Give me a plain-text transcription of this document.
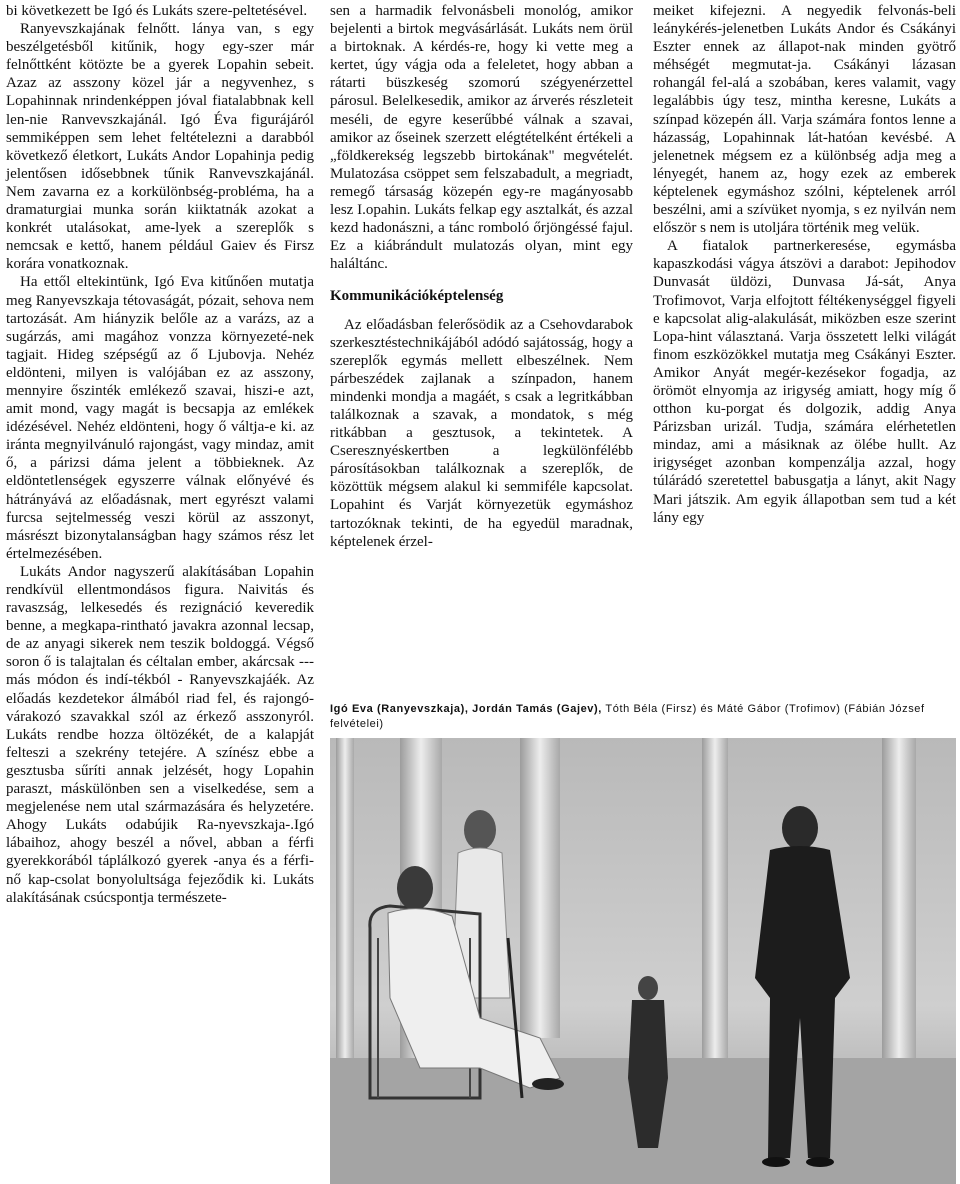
bi következett be Igó és Lukáts szere-peltetésével.

Ranyevszkajának felnőtt. lánya van, s egy beszélgetésből kitűnik, hogy egy-szer már felnőttként kötözte be a gyerek Lopahin sebeit. Azaz az asszony közel jár a negyvenhez, s Lopahinnak nrindenképpen jóval fiatalabbnak kell len-nie Ranvevszkajánál. Igó Éva figurájáról semmiképpen sem lehet feltételezni a darabból következő életkort, Lukáts Andor Lopahinja pedig jelentősen idősebbnek tűnik Ranvevszkajánál. Nem zavarna ez a korkülönbség-probléma, ha a dramaturgiai munka során kiiktatnák azokat a konkrét utalásokat, ame-lyek a szereplők s nemcsak e kettő, hanem például Gaiev és Firsz korára vonatkoznak.

Ha ettől eltekintünk, Igó Eva kitűnően mutatja meg Ranyevszkaja tétovaságát, pózait, sehova nem tartozását. Am hiányzik belőle az a varázs, az a sugárzás, ami magához vonzza környezeté-nek tagjait. Hideg szépségű az ő Ljubovja. Nehéz eldönteni, milyen is valójában ez az asszony, mennyire őszinték emlékező szavai, hiszi-e azt, amit mond, vagy magát is becsapja az emlékek idézésével. Nehéz eldönteni, hogy ő váltja-e ki. az iránta megnyilvánuló rajongást, vagy mindaz, amit ő, a párizsi dáma jelent a többieknek. Az eldöntetlenségek egyszerre válnak előnyévé és hátrányává az előadásnak, mert egyrészt valami furcsa sejtelmesség veszi körül az asszonyt, másrészt bizonytalanságban hagy számos rész let értelmezésében.

Lukáts Andor nagyszerű alakításában Lopahin rendkívül ellentmondásos figura. Naivitás és ravaszság, lelkesedés és rezignáció keveredik benne, a megkapa-rintható javakra azonnal lecsap, de az anyagi sikerek nem teszik boldoggá. Végső soron ő is talajtalan és céltalan ember, akárcsak --- más módon és indí-tékból - Ranyevszkajáék. Az előadás kezdetekor álmából riad fel, és rajongó-várakozó szavakkal szól az érkező asszonyról. Lukáts rendbe hozza öltözékét, de a kalapját felteszi a szekrény tetejére. A színész ebbe a gesztusba sűríti annak jelzését, hogy Lopahin paraszt, máskülönben sen a viselkedése, sem a megjelenése nem utal származására és helyzetére. Ahogy Lukáts odabújik Ra-nyevszkaja-.Igó lábaihoz, ahogy beszél a nővel, abban a férfi gyerekkorából táplálkozó gyerek -anya és a férfi-nő kap-csolat bonyolultsága fejeződik ki. Lukáts alakításának csúcspontja természete-

sen a harmadik felvonásbeli monológ, amikor bejelenti a birtok megvásárlását. Lukáts nem örül a birtoknak. A kérdés-re, hogy ki vette meg a kertet, úgy vágja oda a feleletet, hogy abban a rátarti büszkeség szomorú szégyenérzettel párosul. Belelkesedik, amikor az árverés részleteit meséli, de egyre keserűbbé válnak a szavai, amikor az őseinek szerzett elégtételként értékeli a „földkerekség legszebb birtokának" megvételét. Mulatozása csöppet sem felszabadult, a megriadt, remegő társaság közepén egy-re magányosabb lesz I.opahin. Lukáts felkap egy asztalkát, és azzal kezd hadonászni, a tánc romboló őrjöngéssé fajul. Ez a kiábrándult mulatozás olyan, mint egy haláltánc.

Kommunikációképtelenség

Az előadásban felerősödik az a Csehovdarabok szerkesztéstechnikájából adódó sajátosság, hogy a szereplők egymás mellett elbeszélnek. Nem párbeszédek zajlanak a színpadon, hanem mindenki mondja a magáét, s csak a legritkábban találkoznak a szavak, a mondatok, s még ritkábban a gesztusok, a tekintetek. A Cseresznyéskertben a legkülönfélébb párosításokban találkoznak a szereplők, de közöttük mégsem alakul ki semmiféle kapcsolat. Lopahint és Varját környezetük egymáshoz tartozóknak tekinti, de ha egyedül maradnak, képtelenek érzel-

meiket kifejezni. A negyedik felvonás-beli leánykérés-jelenetben Lukáts Andor és Csákányi Eszter ennek az állapot-nak minden gyötrő méhségét megmutat-ja. Csákányi lázasan rohangál fel-alá a szobában, keres valamit, vagy legalábbis úgy tesz, mintha keresne, Lukáts a színpad közepén áll. Varja számára fontos lenne a házasság, Lopahinnak lát-hatóan kevésbé. A jelenetnek mégsem ez a különbség adja meg a lényegét, hanem az, hogy ezek az emberek képtelenek egymáshoz szólni, képtelenek arról beszélni, ami a szívüket nyomja, s ez nyilván nem először s nem is utoljára történik meg velük.

A fiatalok partnerkeresése, egymásba kapaszkodási vágya átszövi a darabot: Jepihodov Dunvasát üldözi, Dunvasa Já-sát, Anya Trofimovot, Varja elfojtott féltékenységgel figyeli e kapcsolat alig-alakulását, miközben esze szerint Lopa-hint választaná. Varja összetett lelki világát finom eszközökkel mutatja meg Csákányi Eszter. Amikor Anyát megér-kezésekor fogadja, az örömöt elnyomja az irigység amiatt, hogy míg ő otthon ku-porgat és dolgozik, addig Anya Párizsban urizál. Tudja, számára elérhetetlen mindaz, ami a másiknak az ölébe hullt. Az irigységet azonban kompenzálja azzal, hogy túlárádó szeretettel babusgatja a lányt, akit Nagy Mari játszik. Am egyik állapotban sem tud a két lány egy

Igó Eva (Ranyevszkaja), Jordán Tamás (Gajev), Tóth Béla (Firsz) és Máté Gábor (Trofimov) (Fábián József felvételei)
